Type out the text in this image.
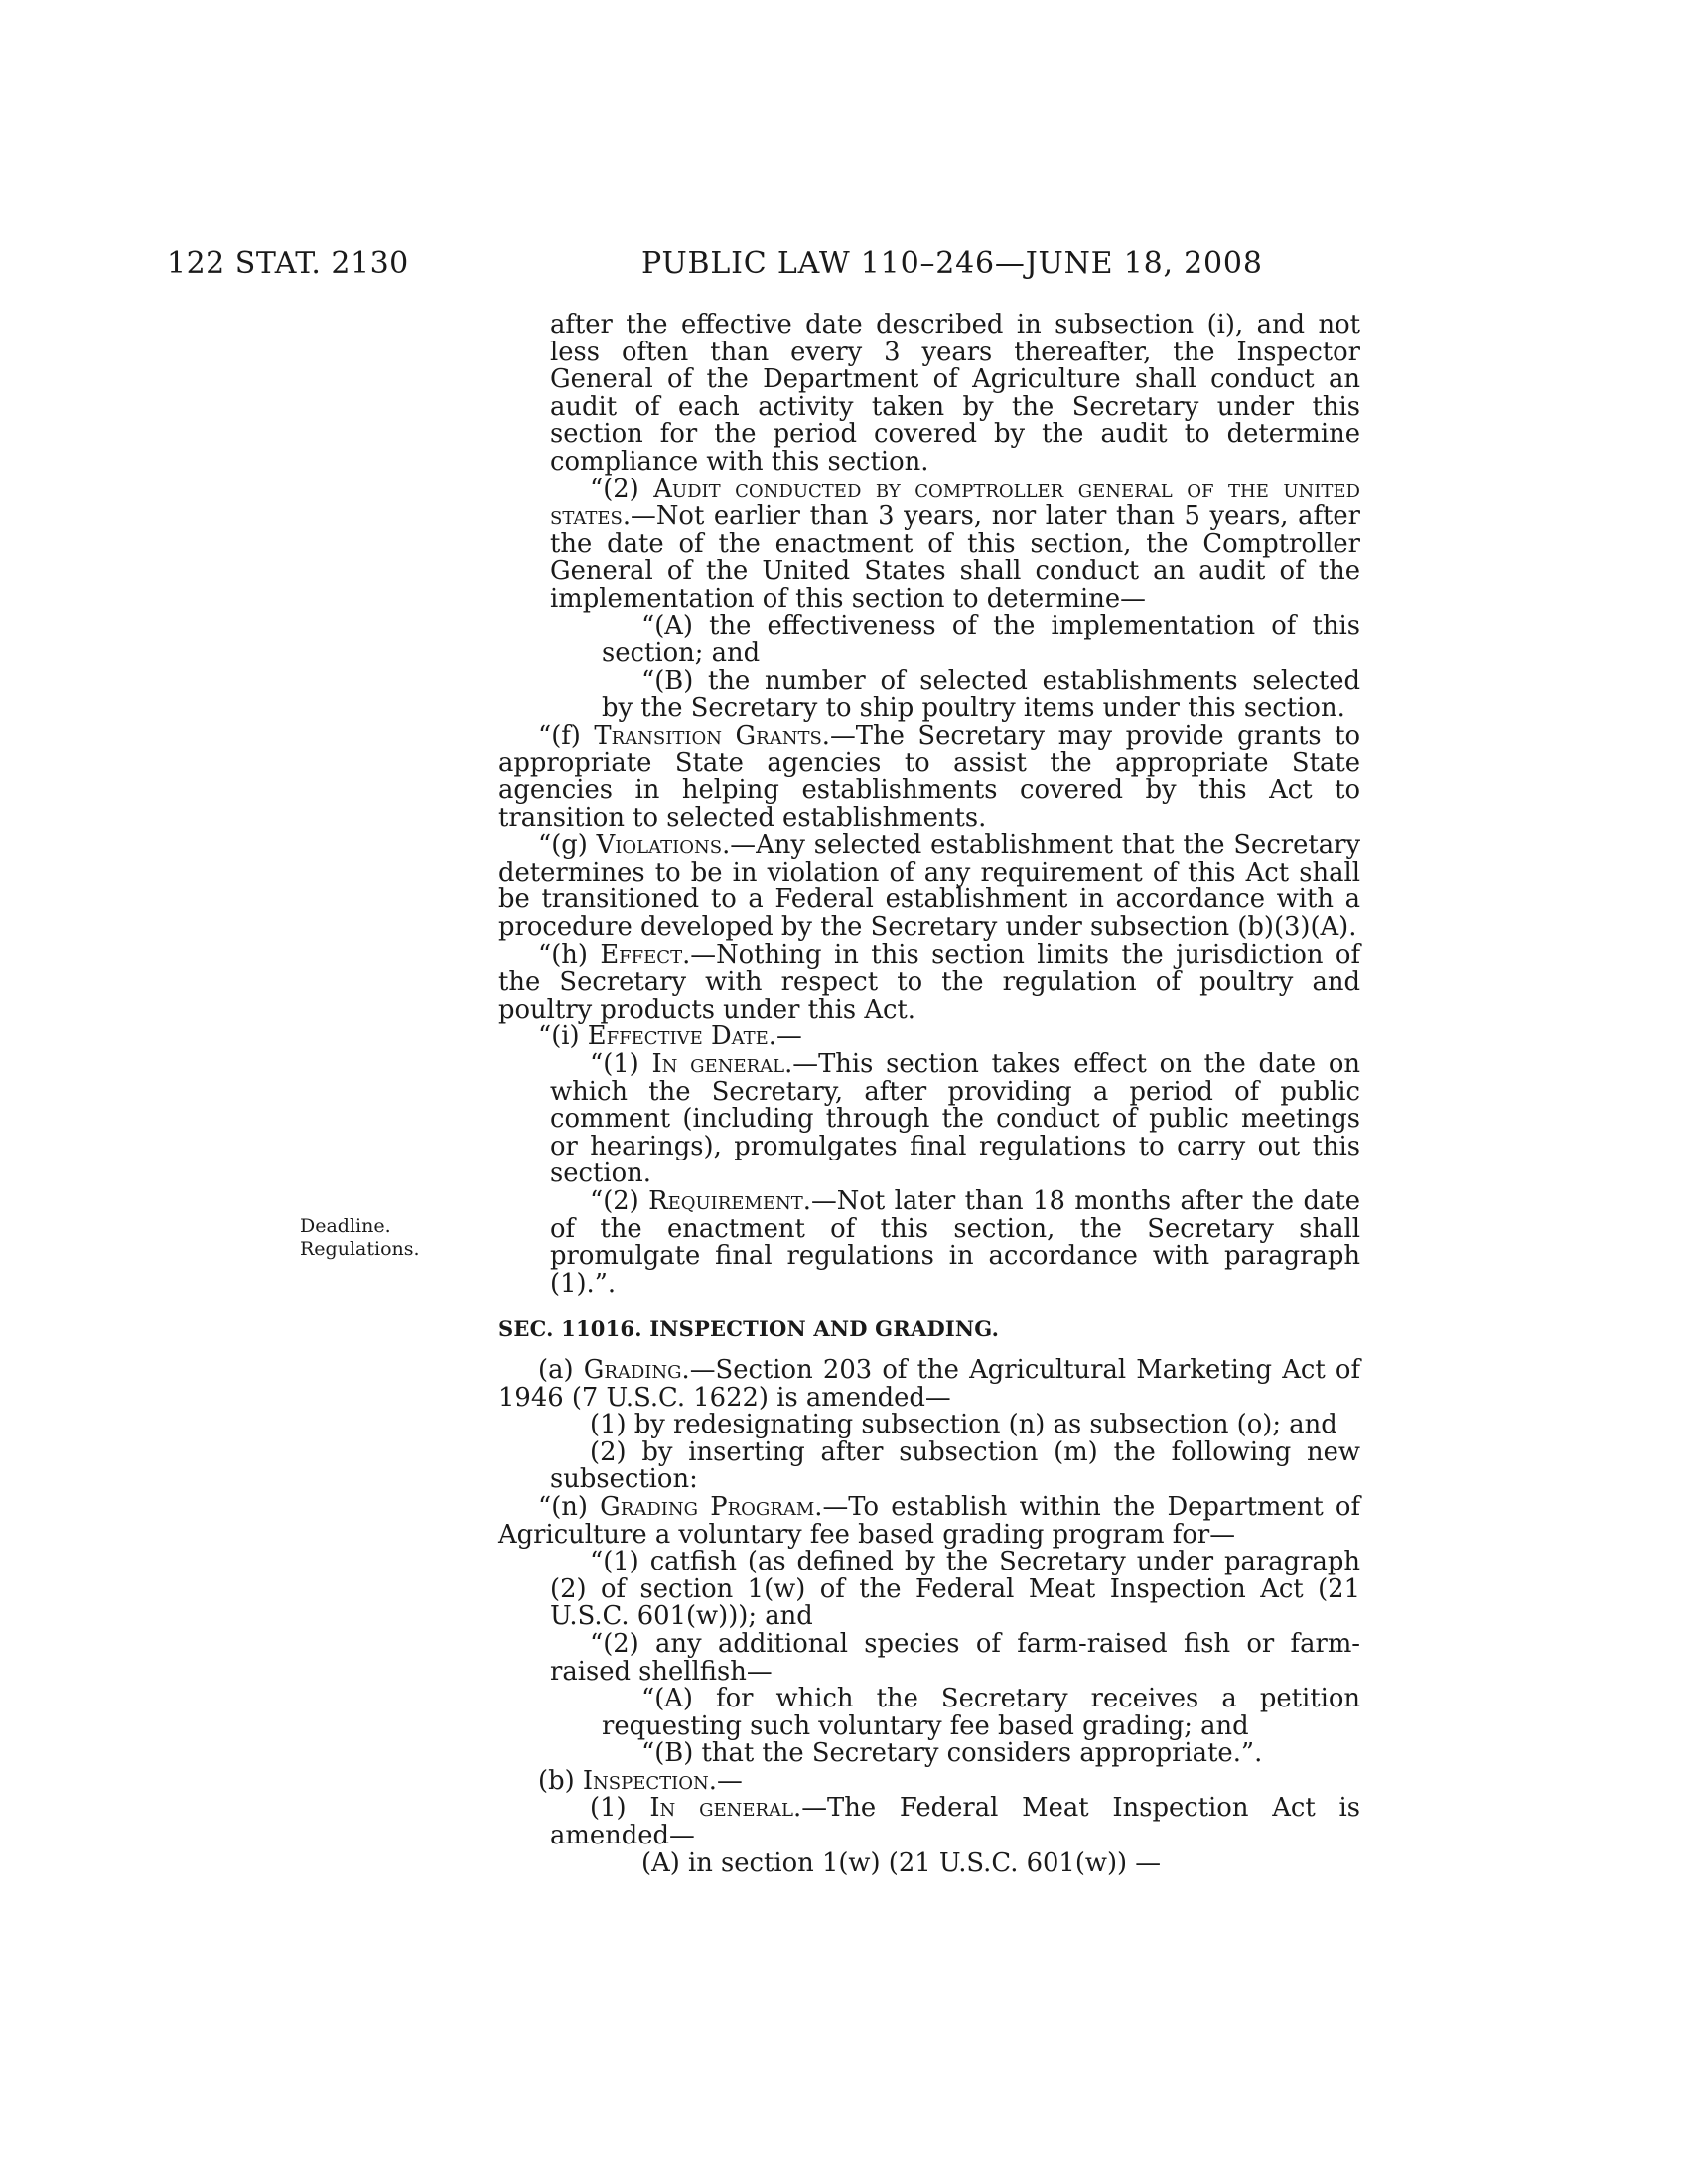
122 STAT. 2130	PUBLIC LAW 110–246—JUNE 18, 2008
Deadline.
Regulations.

after the effective date described in subsection (i), and not less often than every 3 years thereafter, the Inspector General of the Department of Agriculture shall conduct an audit of each activity taken by the Secretary under this section for the period covered by the audit to determine compliance with this section.

“(2) Audit conducted by comptroller general of the united states.—Not earlier than 3 years, nor later than 5 years, after the date of the enactment of this section, the Comptroller General of the United States shall conduct an audit of the implementation of this section to determine—

“(A) the effectiveness of the implementation of this section; and

“(B) the number of selected establishments selected by the Secretary to ship poultry items under this section.

“(f) Transition Grants.—The Secretary may provide grants to appropriate State agencies to assist the appropriate State agencies in helping establishments covered by this Act to transition to selected establishments.

“(g) Violations.—Any selected establishment that the Secretary determines to be in violation of any requirement of this Act shall be transitioned to a Federal establishment in accordance with a procedure developed by the Secretary under subsection (b)(3)(A).

“(h) Effect.—Nothing in this section limits the jurisdiction of the Secretary with respect to the regulation of poultry and poultry products under this Act.

“(i) Effective Date.—

“(1) In general.—This section takes effect on the date on which the Secretary, after providing a period of public comment (including through the conduct of public meetings or hearings), promulgates final regulations to carry out this section.

“(2) Requirement.—Not later than 18 months after the date of the enactment of this section, the Secretary shall promulgate final regulations in accordance with paragraph (1).”.

SEC. 11016. INSPECTION AND GRADING.

(a) Grading.—Section 203 of the Agricultural Marketing Act of 1946 (7 U.S.C. 1622) is amended—

(1) by redesignating subsection (n) as subsection (o); and

(2) by inserting after subsection (m) the following new subsection:

“(n) Grading Program.—To establish within the Department of Agriculture a voluntary fee based grading program for—

“(1) catfish (as defined by the Secretary under paragraph (2) of section 1(w) of the Federal Meat Inspection Act (21 U.S.C. 601(w))); and

“(2) any additional species of farm-raised fish or farm-raised shellfish—

“(A) for which the Secretary receives a petition requesting such voluntary fee based grading; and

“(B) that the Secretary considers appropriate.”.

(b) Inspection.—

(1) In general.—The Federal Meat Inspection Act is amended—

(A) in section 1(w) (21 U.S.C. 601(w)) —
